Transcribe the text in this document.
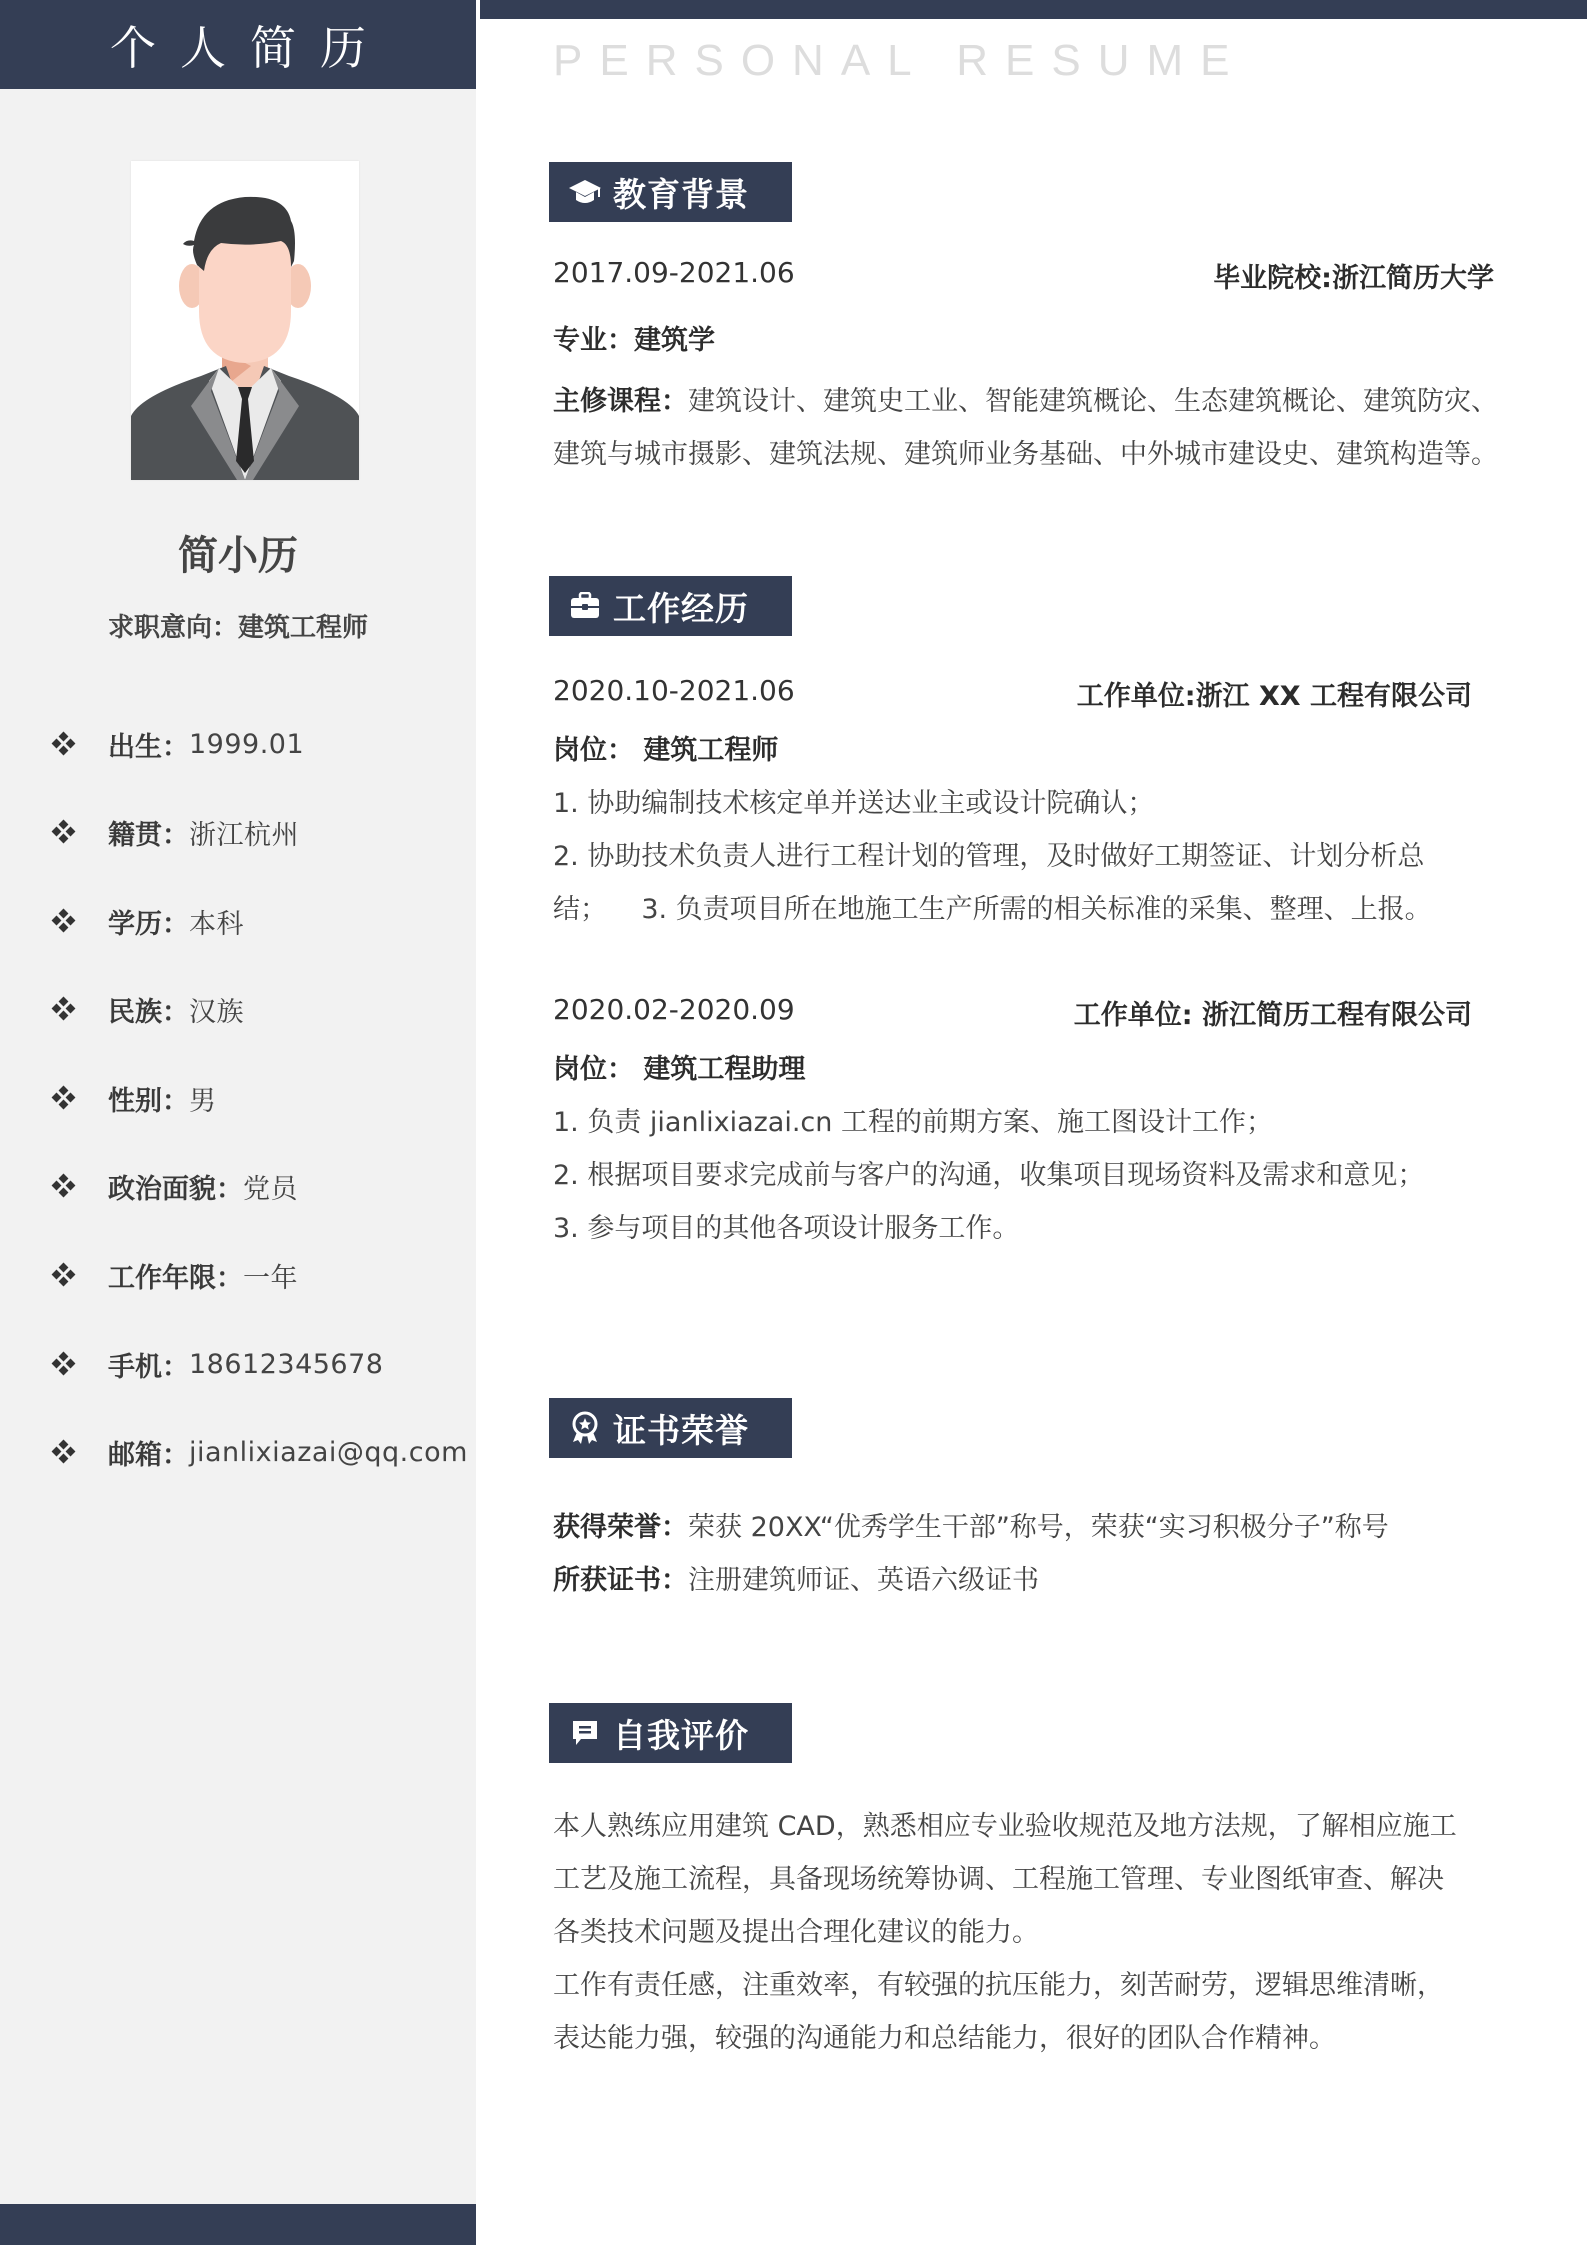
个人简历
简小历
求职意向：建筑工程师
出生： 1999.01
籍贯： 浙江杭州
学历： 本科
民族： 汉族
性别： 男
政治面貌： 党员
工作年限： 一年
手机： 18612345678
邮箱： jianlixiazai@qq.com
PERSONAL RESUME
教育背景
2017.09-2021.06	毕业院校:浙江简历大学
专业：建筑学
主修课程：建筑设计、建筑史工业、智能建筑概论、生态建筑概论、建筑防灾、
建筑与城市摄影、建筑法规、建筑师业务基础、中外城市建设史、建筑构造等。
工作经历
2020.10-2021.06	工作单位:浙江 XX 工程有限公司
岗位： 建筑工程师
1. 协助编制技术核定单并送达业主或设计院确认；
2. 协助技术负责人进行工程计划的管理，及时做好工期签证、计划分析总
结；    3. 负责项目所在地施工生产所需的相关标准的采集、整理、上报。
2020.02-2020.09	工作单位: 浙江简历工程有限公司
岗位： 建筑工程助理
1. 负责 jianlixiazai.cn 工程的前期方案、施工图设计工作；
2. 根据项目要求完成前与客户的沟通，收集项目现场资料及需求和意见；
3. 参与项目的其他各项设计服务工作。
证书荣誉
获得荣誉：荣获 20XX“优秀学生干部”称号，荣获“实习积极分子”称号
所获证书：注册建筑师证、英语六级证书
自我评价
本人熟练应用建筑 CAD，熟悉相应专业验收规范及地方法规，了解相应施工
工艺及施工流程，具备现场统筹协调、工程施工管理、专业图纸审查、解决
各类技术问题及提出合理化建议的能力。
工作有责任感，注重效率，有较强的抗压能力，刻苦耐劳，逻辑思维清晰，
表达能力强，较强的沟通能力和总结能力，很好的团队合作精神。
